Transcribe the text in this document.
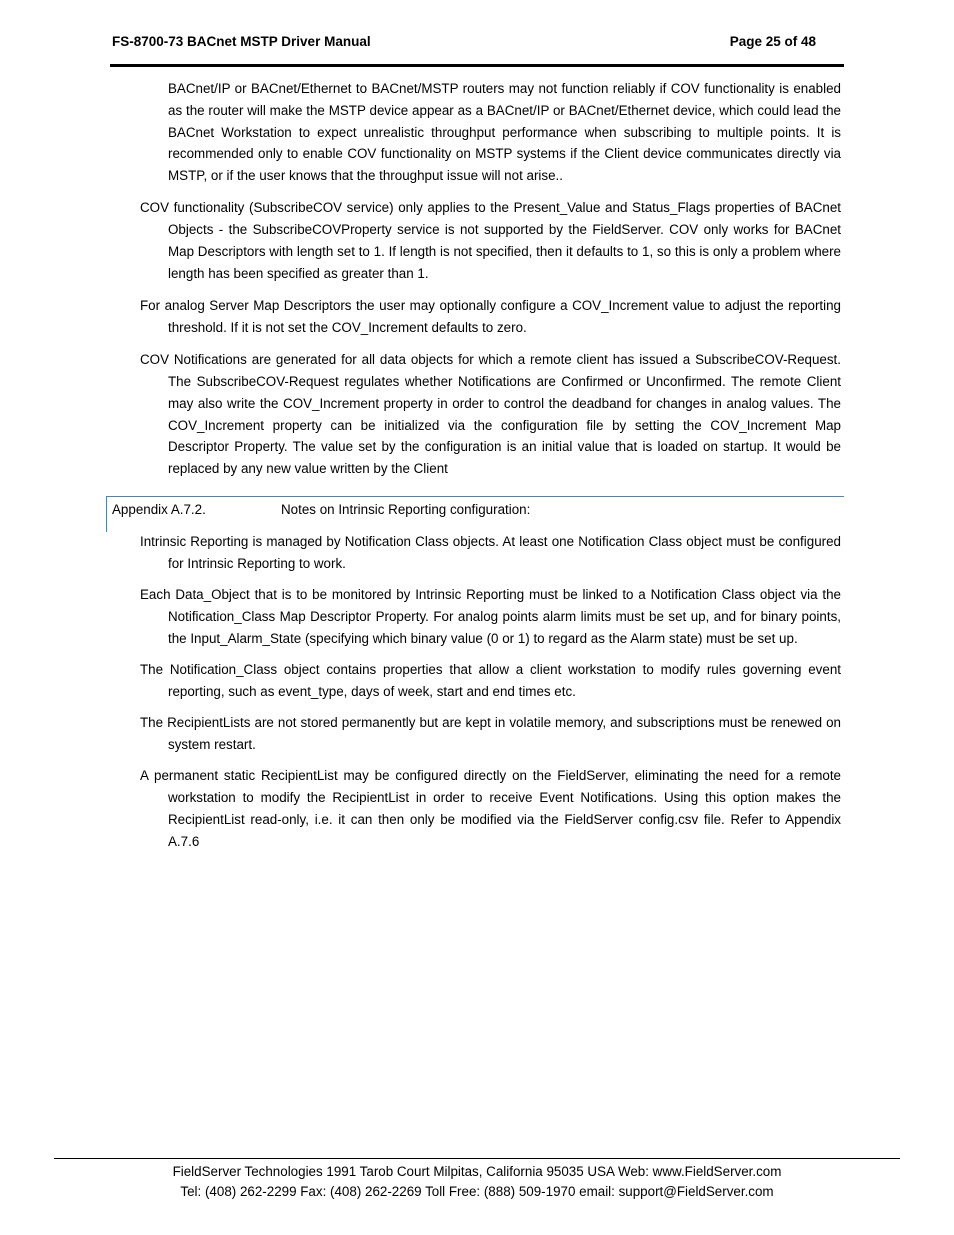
FS-8700-73 BACnet MSTP Driver Manual	Page 25 of 48

BACnet/IP or BACnet/Ethernet to BACnet/MSTP routers may not function reliably if COV functionality is enabled as the router will make the MSTP device appear as a BACnet/IP or BACnet/Ethernet device, which could lead the BACnet Workstation to expect unrealistic throughput performance when subscribing to multiple points. It is recommended only to enable COV functionality on MSTP systems if the Client device communicates directly via MSTP, or if the user knows that the throughput issue will not arise..

COV functionality (SubscribeCOV service) only applies to the Present_Value and Status_Flags properties of BACnet Objects - the SubscribeCOVProperty service is not supported by the FieldServer. COV only works for BACnet Map Descriptors with length set to 1. If length is not specified, then it defaults to 1, so this is only a problem where length has been specified as greater than 1.

For analog Server Map Descriptors the user may optionally configure a COV_Increment value to adjust the reporting threshold. If it is not set the COV_Increment defaults to zero.

COV Notifications are generated for all data objects for which a remote client has issued a SubscribeCOV-Request. The SubscribeCOV-Request regulates whether Notifications are Confirmed or Unconfirmed. The remote Client may also write the COV_Increment property in order to control the deadband for changes in analog values. The COV_Increment property can be initialized via the configuration file by setting the COV_Increment Map Descriptor Property. The value set by the configuration is an initial value that is loaded on startup. It would be replaced by any new value written by the Client

Appendix A.7.2.	Notes on Intrinsic Reporting configuration:

Intrinsic Reporting is managed by Notification Class objects. At least one Notification Class object must be configured for Intrinsic Reporting to work.

Each Data_Object that is to be monitored by Intrinsic Reporting must be linked to a Notification Class object via the Notification_Class Map Descriptor Property. For analog points alarm limits must be set up, and for binary points, the Input_Alarm_State (specifying which binary value (0 or 1) to regard as the Alarm state) must be set up.

The Notification_Class object contains properties that allow a client workstation to modify rules governing event reporting, such as event_type, days of week, start and end times etc.

The RecipientLists are not stored permanently but are kept in volatile memory, and subscriptions must be renewed on system restart.

A permanent static RecipientList may be configured directly on the FieldServer, eliminating the need for a remote workstation to modify the RecipientList in order to receive Event Notifications. Using this option makes the RecipientList read-only, i.e. it can then only be modified via the FieldServer config.csv file. Refer to Appendix A.7.6

FieldServer Technologies 1991 Tarob Court Milpitas, California 95035 USA Web: www.FieldServer.com
Tel: (408) 262-2299 Fax: (408) 262-2269 Toll Free: (888) 509-1970 email: support@FieldServer.com
